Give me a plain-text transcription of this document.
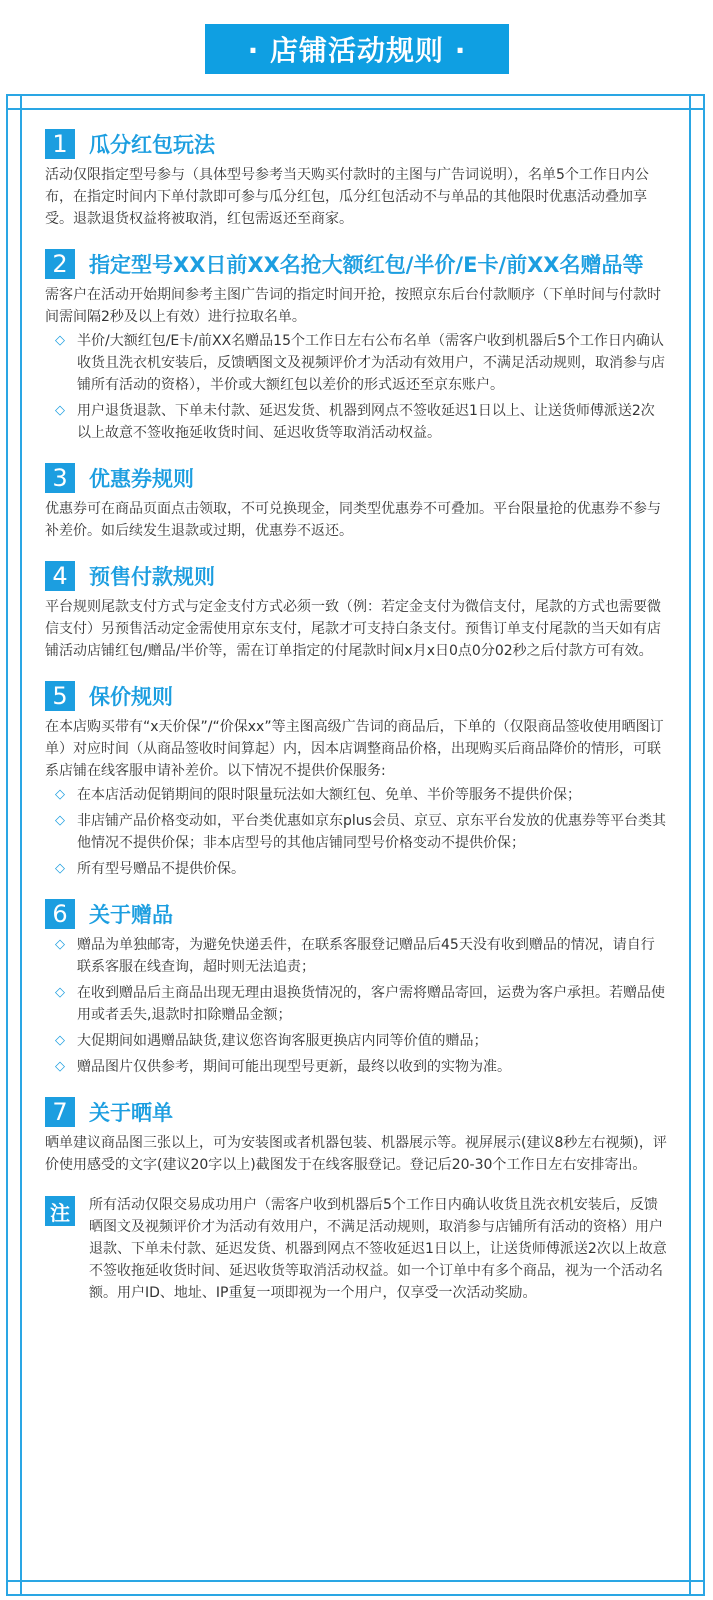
· 店铺活动规则 ·
1	瓜分红包玩法
活动仅限指定型号参与（具体型号参考当天购买付款时的主图与广告词说明），名单5个工作日内公布，在指定时间内下单付款即可参与瓜分红包，瓜分红包活动不与单品的其他限时优惠活动叠加享受。退款退货权益将被取消，红包需返还至商家。
2	指定型号XX日前XX名抢大额红包/半价/E卡/前XX名赠品等
需客户在活动开始期间参考主图广告词的指定时间开抢，按照京东后台付款顺序（下单时间与付款时间需间隔2秒及以上有效）进行拉取名单。
◇ 半价/大额红包/E卡/前XX名赠品15个工作日左右公布名单（需客户收到机器后5个工作日内确认收货且洗衣机安装后，反馈晒图文及视频评价才为活动有效用户，不满足活动规则，取消参与店铺所有活动的资格），半价或大额红包以差价的形式返还至京东账户。
◇ 用户退货退款、下单未付款、延迟发货、机器到网点不签收延迟1日以上、让送货师傅派送2次以上故意不签收拖延收货时间、延迟收货等取消活动权益。
3	优惠券规则
优惠券可在商品页面点击领取，不可兑换现金，同类型优惠券不可叠加。平台限量抢的优惠券不参与补差价。如后续发生退款或过期，优惠券不返还。
4	预售付款规则
平台规则尾款支付方式与定金支付方式必须一致（例：若定金支付为微信支付，尾款的方式也需要微信支付）另预售活动定金需使用京东支付，尾款才可支持白条支付。预售订单支付尾款的当天如有店铺活动店铺红包/赠品/半价等，需在订单指定的付尾款时间x月x日0点0分02秒之后付款方可有效。
5	保价规则
在本店购买带有“x天价保”/“价保xx”等主图高级广告词的商品后，下单的（仅限商品签收使用晒图订单）对应时间（从商品签收时间算起）内，因本店调整商品价格，出现购买后商品降价的情形，可联系店铺在线客服申请补差价。以下情况不提供价保服务:
◇ 在本店活动促销期间的限时限量玩法如大额红包、免单、半价等服务不提供价保；
◇ 非店铺产品价格变动如，平台类优惠如京东plus会员、京豆、京东平台发放的优惠券等平台类其他情况不提供价保；非本店型号的其他店铺同型号价格变动不提供价保；
◇ 所有型号赠品不提供价保。
6	关于赠品
◇ 赠品为单独邮寄，为避免快递丢件，在联系客服登记赠品后45天没有收到赠品的情况，请自行联系客服在线查询，超时则无法追责；
◇ 在收到赠品后主商品出现无理由退换货情况的，客户需将赠品寄回，运费为客户承担。若赠品使用或者丢失,退款时扣除赠品金额；
◇ 大促期间如遇赠品缺货,建议您咨询客服更换店内同等价值的赠品；
◇ 赠品图片仅供参考，期间可能出现型号更新，最终以收到的实物为准。
7	关于晒单
晒单建议商品图三张以上，可为安装图或者机器包装、机器展示等。视屏展示(建议8秒左右视频)，评价使用感受的文字(建议20字以上)截图发于在线客服登记。登记后20-30个工作日左右安排寄出。
注	所有活动仅限交易成功用户（需客户收到机器后5个工作日内确认收货且洗衣机安装后，反馈晒图文及视频评价才为活动有效用户，不满足活动规则，取消参与店铺所有活动的资格）用户退款、下单未付款、延迟发货、机器到网点不签收延迟1日以上，让送货师傅派送2次以上故意不签收拖延收货时间、延迟收货等取消活动权益。如一个订单中有多个商品，视为一个活动名额。用户ID、地址、IP重复一项即视为一个用户，仅享受一次活动奖励。
